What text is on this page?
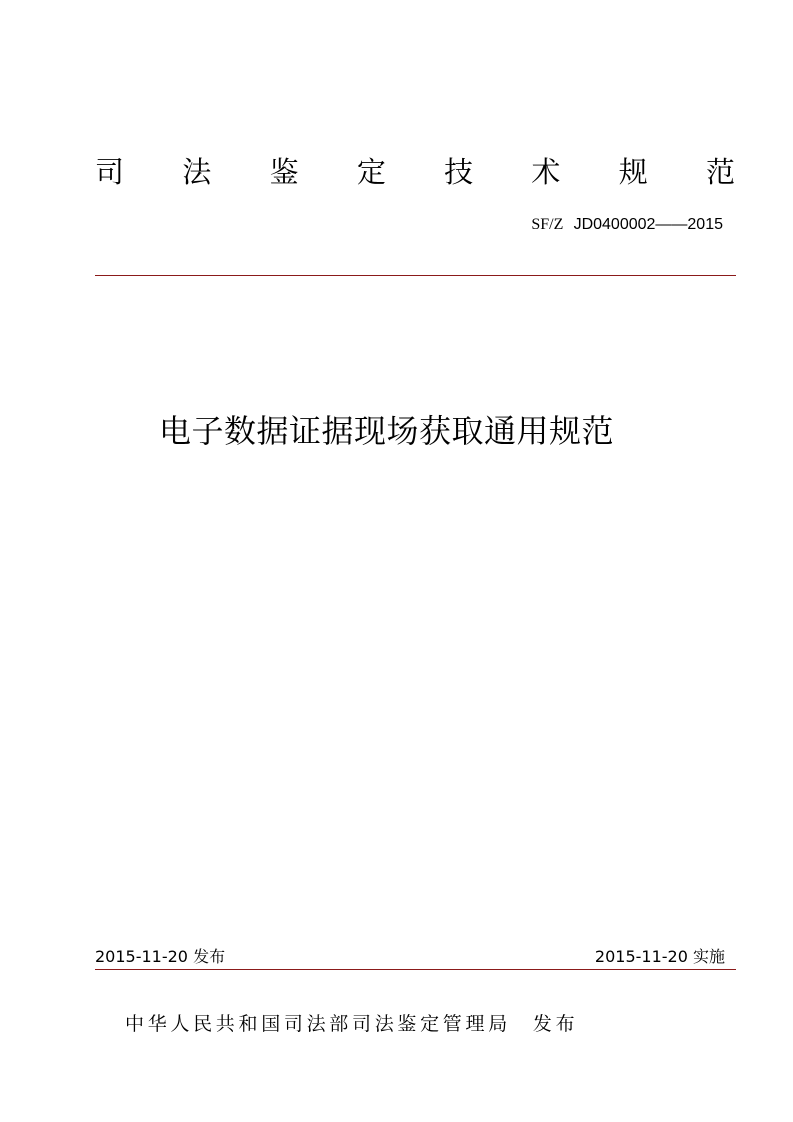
司 法 鉴 定 技 术 规 范
SF/Z JD0400002——2015
电子数据证据现场获取通用规范
2015-11-20 发布	2015-11-20 实施
中华人民共和国司法部司法鉴定管理局 发布
